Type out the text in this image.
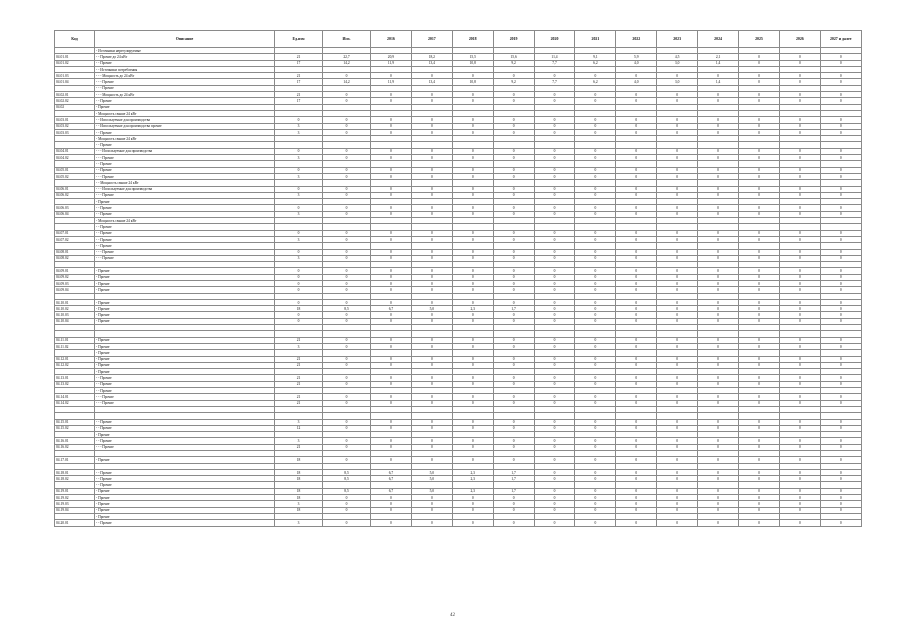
Код	Описание	Ед.изм	Исп.	2016	2017	2018	2019	2020	2021	2022	2023	2024	2025	2026	2027 и далее
	- Источники нерегулируемые														
04.01.01	- - Прочие до 24 кВт	21	22,7	20,9	18,2	15,5	15,6	11,4	9,1	5,9	4,5	2,1	0	0	0
04.01.02	- - Прочие	17	14,2	11,9	13,4	10,8	9,2	7,7	6,2	4,0	3,0	1,4	0	0	0
	- - Источники потребления														
04.01.03	- - - Мощность до 24 кВт	21	0	0	0	0	0	0	0	0	0	0	0	0	0
04.01.04	- - - Прочие	17	14,2	11,9	13,4	10,8	9,2	7,7	6,2	4,0	3,0	1,4	0	0	0
	- - - Прочие														
04.02.01	- - - Мощность до 24 кВт	21	0	0	0	0	0	0	0	0	0	0	0	0	0
04.02.02	- - Прочие	17	0	0	0	0	0	0	0	0	0	0	0	0	0
04.02	- Прочие														
	- Мощность свыше 24 кВт														
04.03.01	- - Используемые для производства	0	0	0	0	0	0	0	0	0	0	0	0	0	0
04.03.02	- - Используемые для производства прочие	3	0	0	0	0	0	0	0	0	0	0	0	0	0
04.03.03	- - Прочие	3	0	0	0	0	0	0	0	0	0	0	0	0	0
	- Мощность свыше 24 кВт														
	- - Прочие														
04.04.01	- - - Используемые для производства	0	0	0	0	0	0	0	0	0	0	0	0	0	0
04.04.02	- - - Прочие	3	0	0	0	0	0	0	0	0	0	0	0	0	0
	- - Прочие														
04.05.01	- - Прочие	0	0	0	0	0	0	0	0	0	0	0	0	0	0
04.05.02	- - - Прочие	3	0	0	0	0	0	0	0	0	0	0	0	0	0
	- - Мощность свыше 24 кВт														
04.06.01	- - - Используемые для производства	0	0	0	0	0	0	0	0	0	0	0	0	0	0
04.06.02	- - - Прочие	3	0	0	0	0	0	0	0	0	0	0	0	0	0
	- Прочие														
04.06.03	- - Прочие	0	0	0	0	0	0	0	0	0	0	0	0	0	0
04.06.04	- - Прочие	3	0	0	0	0	0	0	0	0	0	0	0	0	0
	- Мощность свыше 24 кВт														
	- - Прочие														
04.07.01	- - Прочие	0	0	0	0	0	0	0	0	0	0	0	0	0	0
04.07.02	- - Прочие	3	0	0	0	0	0	0	0	0	0	0	0	0	0
	- - Прочие														
04.08.01	- - - Прочие	0	0	0	0	0	0	0	0	0	0	0	0	0	0
04.08.02	- - - Прочие	3	0	0	0	0	0	0	0	0	0	0	0	0	0

04.09.01	- Прочие	0	0	0	0	0	0	0	0	0	0	0	0	0	0
04.09.02	- Прочие	0	0	0	0	0	0	0	0	0	0	0	0	0	0
04.09.03	- Прочие	0	0	0	0	0	0	0	0	0	0	0	0	0	0
04.09.04	- Прочие	0	0	0	0	0	0	0	0	0	0	0	0	0	0

04.10.01	- Прочие	0	0	0	0	0	0	0	0	0	0	0	0	0	0
04.10.02	- Прочие	18	8,5	6,7	5,0	2,3	1,7	0	0	0	0	0	0	0	0
04.10.03	- Прочие	0	0	0	0	0	0	0	0	0	0	0	0	0	0
04.10.04	- Прочие	0	0	0	0	0	0	0	0	0	0	0	0	0	0

04.11.01	- Прочие	21	0	0	0	0	0	0	0	0	0	0	0	0	0
04.11.02	- Прочие	3	0	0	0	0	0	0	0	0	0	0	0	0	0
	- Прочие														
04.12.01	- Прочие	21	0	0	0	0	0	0	0	0	0	0	0	0	0
04.12.02	- Прочие	21	0	0	0	0	0	0	0	0	0	0	0	0	0
	- Прочие														
04.13.01	- - Прочие	21	0	0	0	0	0	0	0	0	0	0	0	0	0
04.13.02	- - Прочие	21	0	0	0	0	0	0	0	0	0	0	0	0	0
	- - Прочие														
04.14.01	- - - Прочие	21	0	0	0	0	0	0	0	0	0	0	0	0	0
04.14.02	- - - Прочие	21	0	0	0	0	0	0	0	0	0	0	0	0	0

04.15.01	- - Прочие	3	0	0	0	0	0	0	0	0	0	0	0	0	0
04.15.02	- - Прочие	12	0	0	0	0	0	0	0	0	0	0	0	0	0
	- Прочие														
04.16.01	- - Прочие	3	0	0	0	0	0	0	0	0	0	0	0	0	0
04.16.02	- - - Прочие	21	0	0	0	0	0	0	0	0	0	0	0	0	0

04.17.01	- Прочие	18	0	0	0	0	0	0	0	0	0	0	0	0	0

04.18.01	- - Прочие	18	8,5	6,7	5,0	2,3	1,7	0	0	0	0	0	0	0	0
04.18.02	- - Прочие	18	8,5	6,7	5,0	2,3	1,7	0	0	0	0	0	0	0	0
	- - Прочие														
04.19.01	- Прочие	18	8,5	6,7	5,0	2,3	1,7	0	0	0	0	0	0	0	0
04.19.02	- Прочие	18	0	0	0	0	0	0	0	0	0	0	0	0	0
04.19.03	- Прочие	3	0	0	0	0	0	0	0	0	0	0	0	0	0
04.19.04	- Прочие	18	0	0	0	0	0	0	0	0	0	0	0	0	0
	- Прочие														
04.20.01	- - Прочие	3	0	0	0	0	0	0	0	0	0	0	0	0	0
42
